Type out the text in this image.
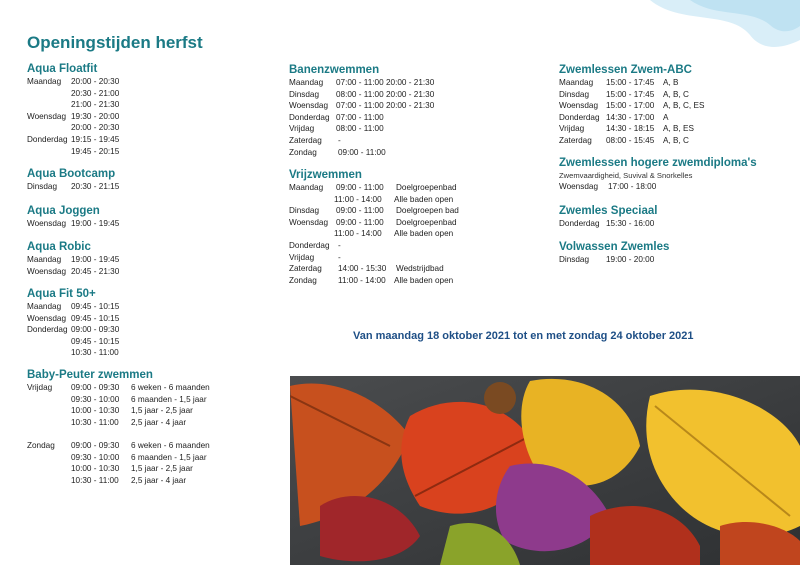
Openingstijden herfst
Aqua Floatfit
Maandag 20:00 - 20:30
20:30 - 21:00
21:00 - 21:30
Woensdag 19:30 - 20:00
20:00 - 20:30
Donderdag 19:15 - 19:45
19:45 - 20:15
Aqua Bootcamp
Dinsdag 20:30 - 21:15
Aqua Joggen
Woensdag 19:00 - 19:45
Aqua Robic
Maandag 19:00 - 19:45
Woensdag 20:45 - 21:30
Aqua Fit 50+
Maandag 09:45 - 10:15
Woensdag 09:45 - 10:15
Donderdag 09:00 - 09:30
09:45 - 10:15
10:30 - 11:00
Baby-Peuter zwemmen
Vrijdag 09:00 - 09:30 6 weken - 6 maanden
09:30 - 10:00 6 maanden - 1,5 jaar
10:00 - 10:30 1,5 jaar - 2,5 jaar
10:30 - 11:00 2,5 jaar - 4 jaar
Zondag 09:00 - 09:30 6 weken - 6 maanden
09:30 - 10:00 6 maanden - 1,5 jaar
10:00 - 10:30 1,5 jaar - 2,5 jaar
10:30 - 11:00 2,5 jaar - 4 jaar
Banenzwemmen
Maandag 07:00 - 11:00 20:00 - 21:30
Dinsdag 08:00 - 11:00 20:00 - 21:30
Woensdag 07:00 - 11:00 20:00 - 21:30
Donderdag 07:00 - 11:00
Vrijdag	08:00 - 11:00
Zaterdag -
Zondag	09:00 - 11:00
Vrijzwemmen
Maandag 09:00 - 11:00 Doelgroepenbad
11:00 - 14:00 Alle baden open
Dinsdag 09:00 - 11:00 Doelgroepen bad
Woensdag 09:00 - 11:00 Doelgroepenbad
11:00 - 14:00 Alle baden open
Donderdag -
Vrijdag	-
Zaterdag 14:00 - 15:30 Wedstrijdbad
Zondag	11:00 - 14:00 Alle baden open
Zwemlessen Zwem-ABC
Maandag 15:00 - 17:45 A, B
Dinsdag 15:00 - 17:45 A, B, C
Woensdag 15:00 - 17:00 A, B, C, ES
Donderdag 14:30 - 17:00 A
Vrijdag	14:30 - 18:15 A, B, ES
Zaterdag 08:00 - 15:45 A, B, C
Zwemlessen hogere zwemdiploma's
Zwemvaardigheid, Suvival & Snorkelles
Woensdag 17:00 - 18:00
Zwemles Speciaal
Donderdag 15:30 - 16:00
Volwassen Zwemles
Dinsdag 19:00 - 20:00
Van maandag 18 oktober 2021 tot en met zondag 24 oktober 2021
